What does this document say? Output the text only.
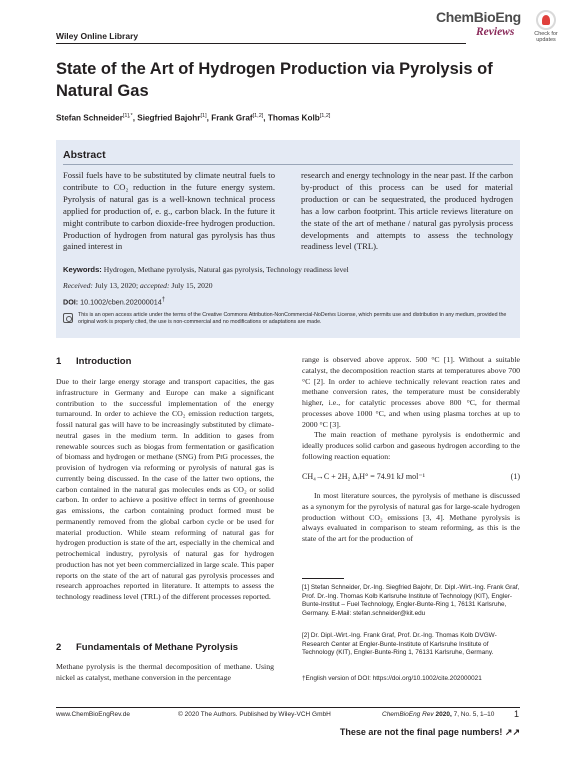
Wiley Online Library
ChemBioEng
Reviews	Check for updates
State of the Art of Hydrogen Production via Pyrolysis of Natural Gas
Stefan Schneider$^{[1],*}$, Siegfried Bajohr[1], Frank Graf[1,2], Thomas Kolb[1,2]
Abstract
Fossil fuels have to be substituted by climate neutral fuels to contribute to CO₂ reduction in the future energy system. Pyrolysis of natural gas is a well-known technical process applied for production of, e. g., carbon black. In the future it might contribute to carbon dioxide-free hydrogen production. Production of hydrogen from natural gas pyrolysis has thus gained interest in
research and energy technology in the near past. If the carbon by-product of this process can be used for material production or can be sequestrated, the produced hydrogen has a low carbon footprint. This article reviews literature on the state of the art of methane / natural gas pyrolysis process developments and attempts to assess the technology readiness level (TRL).
Keywords: Hydrogen, Methane pyrolysis, Natural gas pyrolysis, Technology readiness level
Received: July 13, 2020; accepted: July 15, 2020
DOI: 10.1002/cben.202000014†
This is an open access article under the terms of the Creative Commons Attribution-NonCommercial-NoDerivs License, which permits use and distribution in any medium, provided the original work is properly cited, the use is non-commercial and no modifications or adaptations are made.
1 Introduction
Due to their large energy storage and transport capacities, the gas infrastructure in Germany and Europe can make a significant contribution to the successful implementation of the energy turnaround. In order to achieve the CO₂ emission reduction targets, fossil natural gas will have to be increasingly substituted by climate-neutral gases in the medium term. In addition to gases from renewable sources such as biogas from fermentation or gasification of biomass and hydrogen or methane (SNG) from PtG processes, the provision of hydrogen via reforming or pyrolysis of natural gas is currently being discussed. In the case of the latter two options, the carbon contained in the natural gas molecules ends as CO₂ or solid carbon. In order to achieve a positive effect in terms of greenhouse gas emissions, the carbon containing product formed must be permanently removed from the global carbon cycle or be used for material production. While steam reforming of natural gas for hydrogen production is state of the art, especially in the chemical and petrochemical industry, pyrolysis of natural gas for hydrogen production has not yet been commercialized in large scale. This paper reports on the state of the art of natural gas pyrolysis processes and research approaches reported in literature. It attempts to assess the technology readiness level (TRL) of the different processes reported.
2 Fundamentals of Methane Pyrolysis
Methane pyrolysis is the thermal decomposition of methane. Using nickel as catalyst, methane conversion in the percentage
range is observed above approx. 500 °C [1]. Without a suitable catalyst, the decomposition reaction starts at temperatures above 700 °C [2]. In order to achieve technically relevant reaction rates and methane conversion rates, the temperature must be considerably higher, i.e., for catalytic processes above 800 °C, for thermal processes above 1000 °C, and when using plasma torches at up to 2000 °C [3].
The main reaction of methane pyrolysis is endothermic and ideally produces solid carbon and gaseous hydrogen according to the following reaction equation:
CH₄→C + 2H₂ ΔᵣH° = 74.91 kJ mol⁻¹	(1)
In most literature sources, the pyrolysis of methane is discussed as a synonym for the pyrolysis of natural gas for large-scale hydrogen production without CO₂ emissions [3, 4]. Methane pyrolysis is always evaluated in comparison to steam reforming, as this is the state of the art for the production of
[1] Stefan Schneider, Dr.-Ing. Siegfried Bajohr, Dr. Dipl.-Wirt.-Ing. Frank Graf, Prof. Dr.-Ing. Thomas Kolb Karlsruhe Institute of Technology (KIT), Engler-Bunte-Institut – Fuel Technology, Engler-Bunte-Ring 1, 76131 Karlsruhe, Germany. E-Mail: stefan.schneider@kit.edu
[2] Dr. Dipl.-Wirt.-Ing. Frank Graf, Prof. Dr.-Ing. Thomas Kolb DVGW-Research Center at Engler-Bunte-Institute of Karlsruhe Institute of Technology (KIT), Engler-Bunte-Ring 1, 76131 Karlsruhe, Germany.
†English version of DOI: https://doi.org/10.1002/cite.202000021
www.ChemBioEngRev.de	© 2020 The Authors. Published by Wiley-VCH GmbH	ChemBioEng Rev 2020, 7, No. 5, 1–10 1
These are not the final page numbers! ↗↗
